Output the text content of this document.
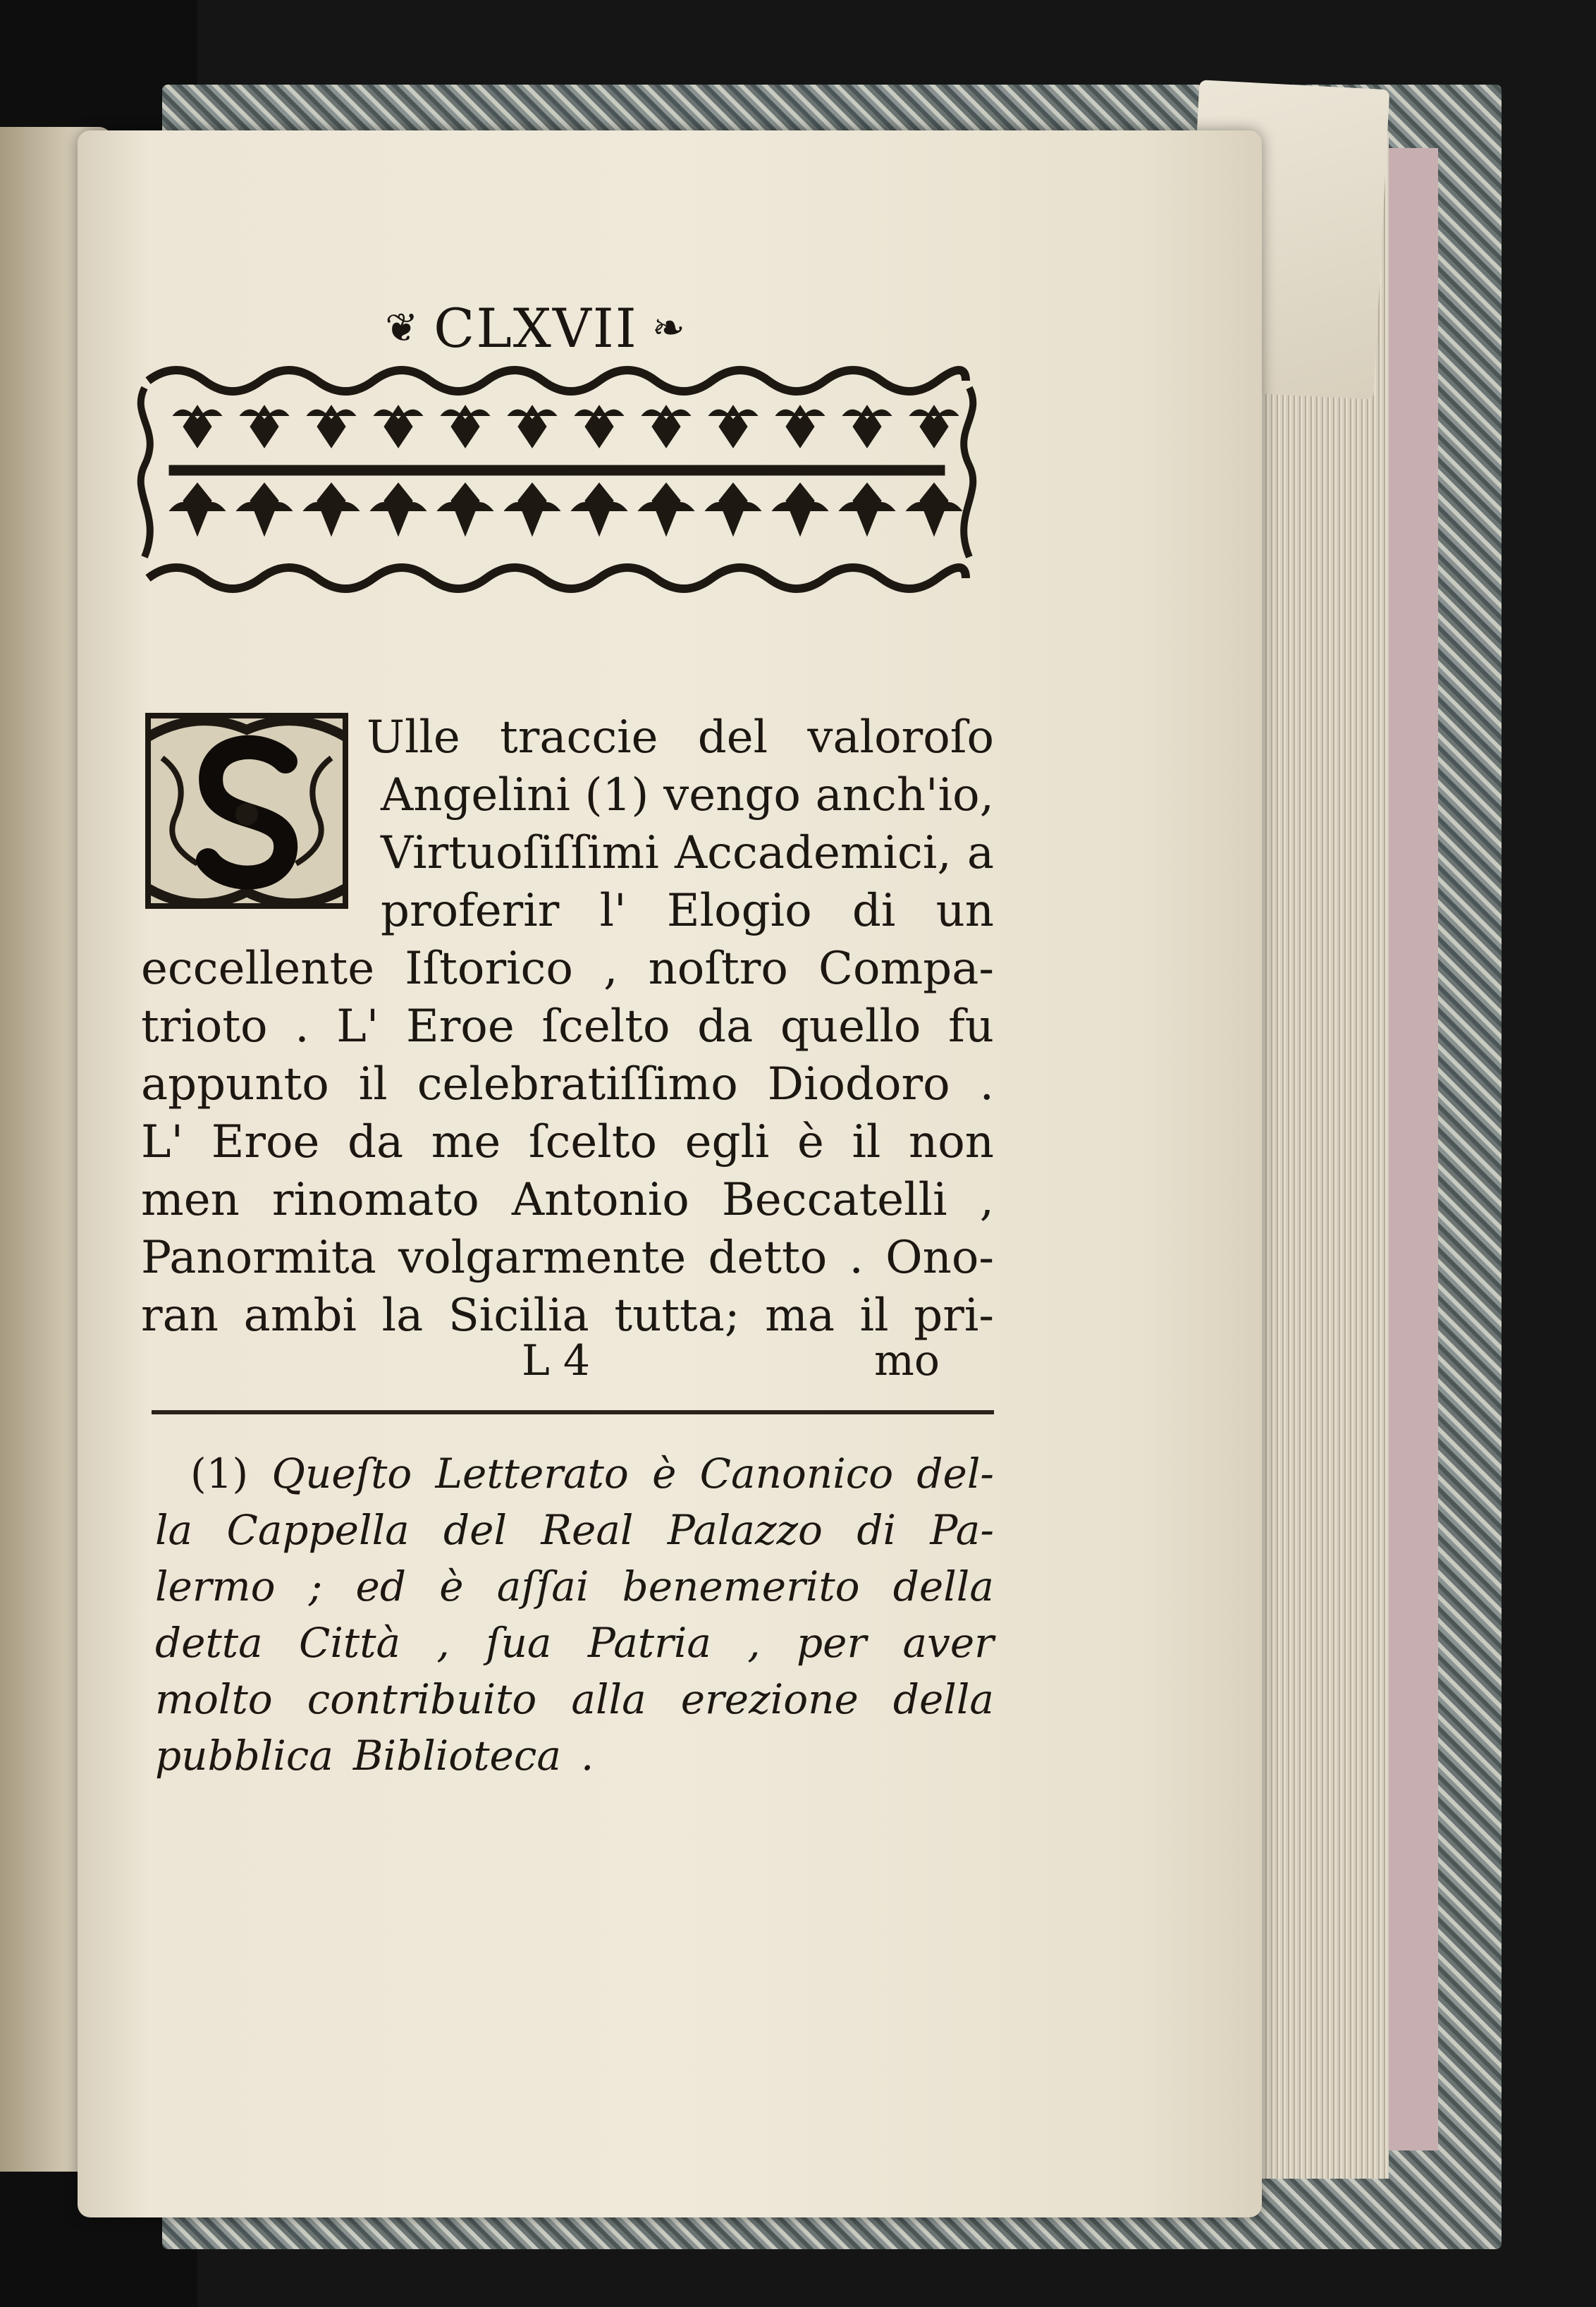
❦ CLXVII ❧
Ulle traccie del valoroſo
Angelini (1) vengo anch'io,
Virtuoſiſſimi Accademici, a
proferir l' Elogio di un
eccellente Iſtorico , noſtro Compa-
trioto . L' Eroe ſcelto da quello fu
appunto il celebratiſſimo Diodoro .
L' Eroe da me ſcelto egli è il non
men rinomato Antonio Beccatelli ,
Panormita volgarmente detto . Ono-
ran ambi la Sicilia tutta; ma il pri-
L 4	mo
(1) Queſto Letterato è Canonico del-
la Cappella del Real Palazzo di Pa-
lermo ; ed è aſſai benemerito della
detta Città , ſua Patria , per aver
molto contribuito alla erezione della
pubblica Biblioteca .
